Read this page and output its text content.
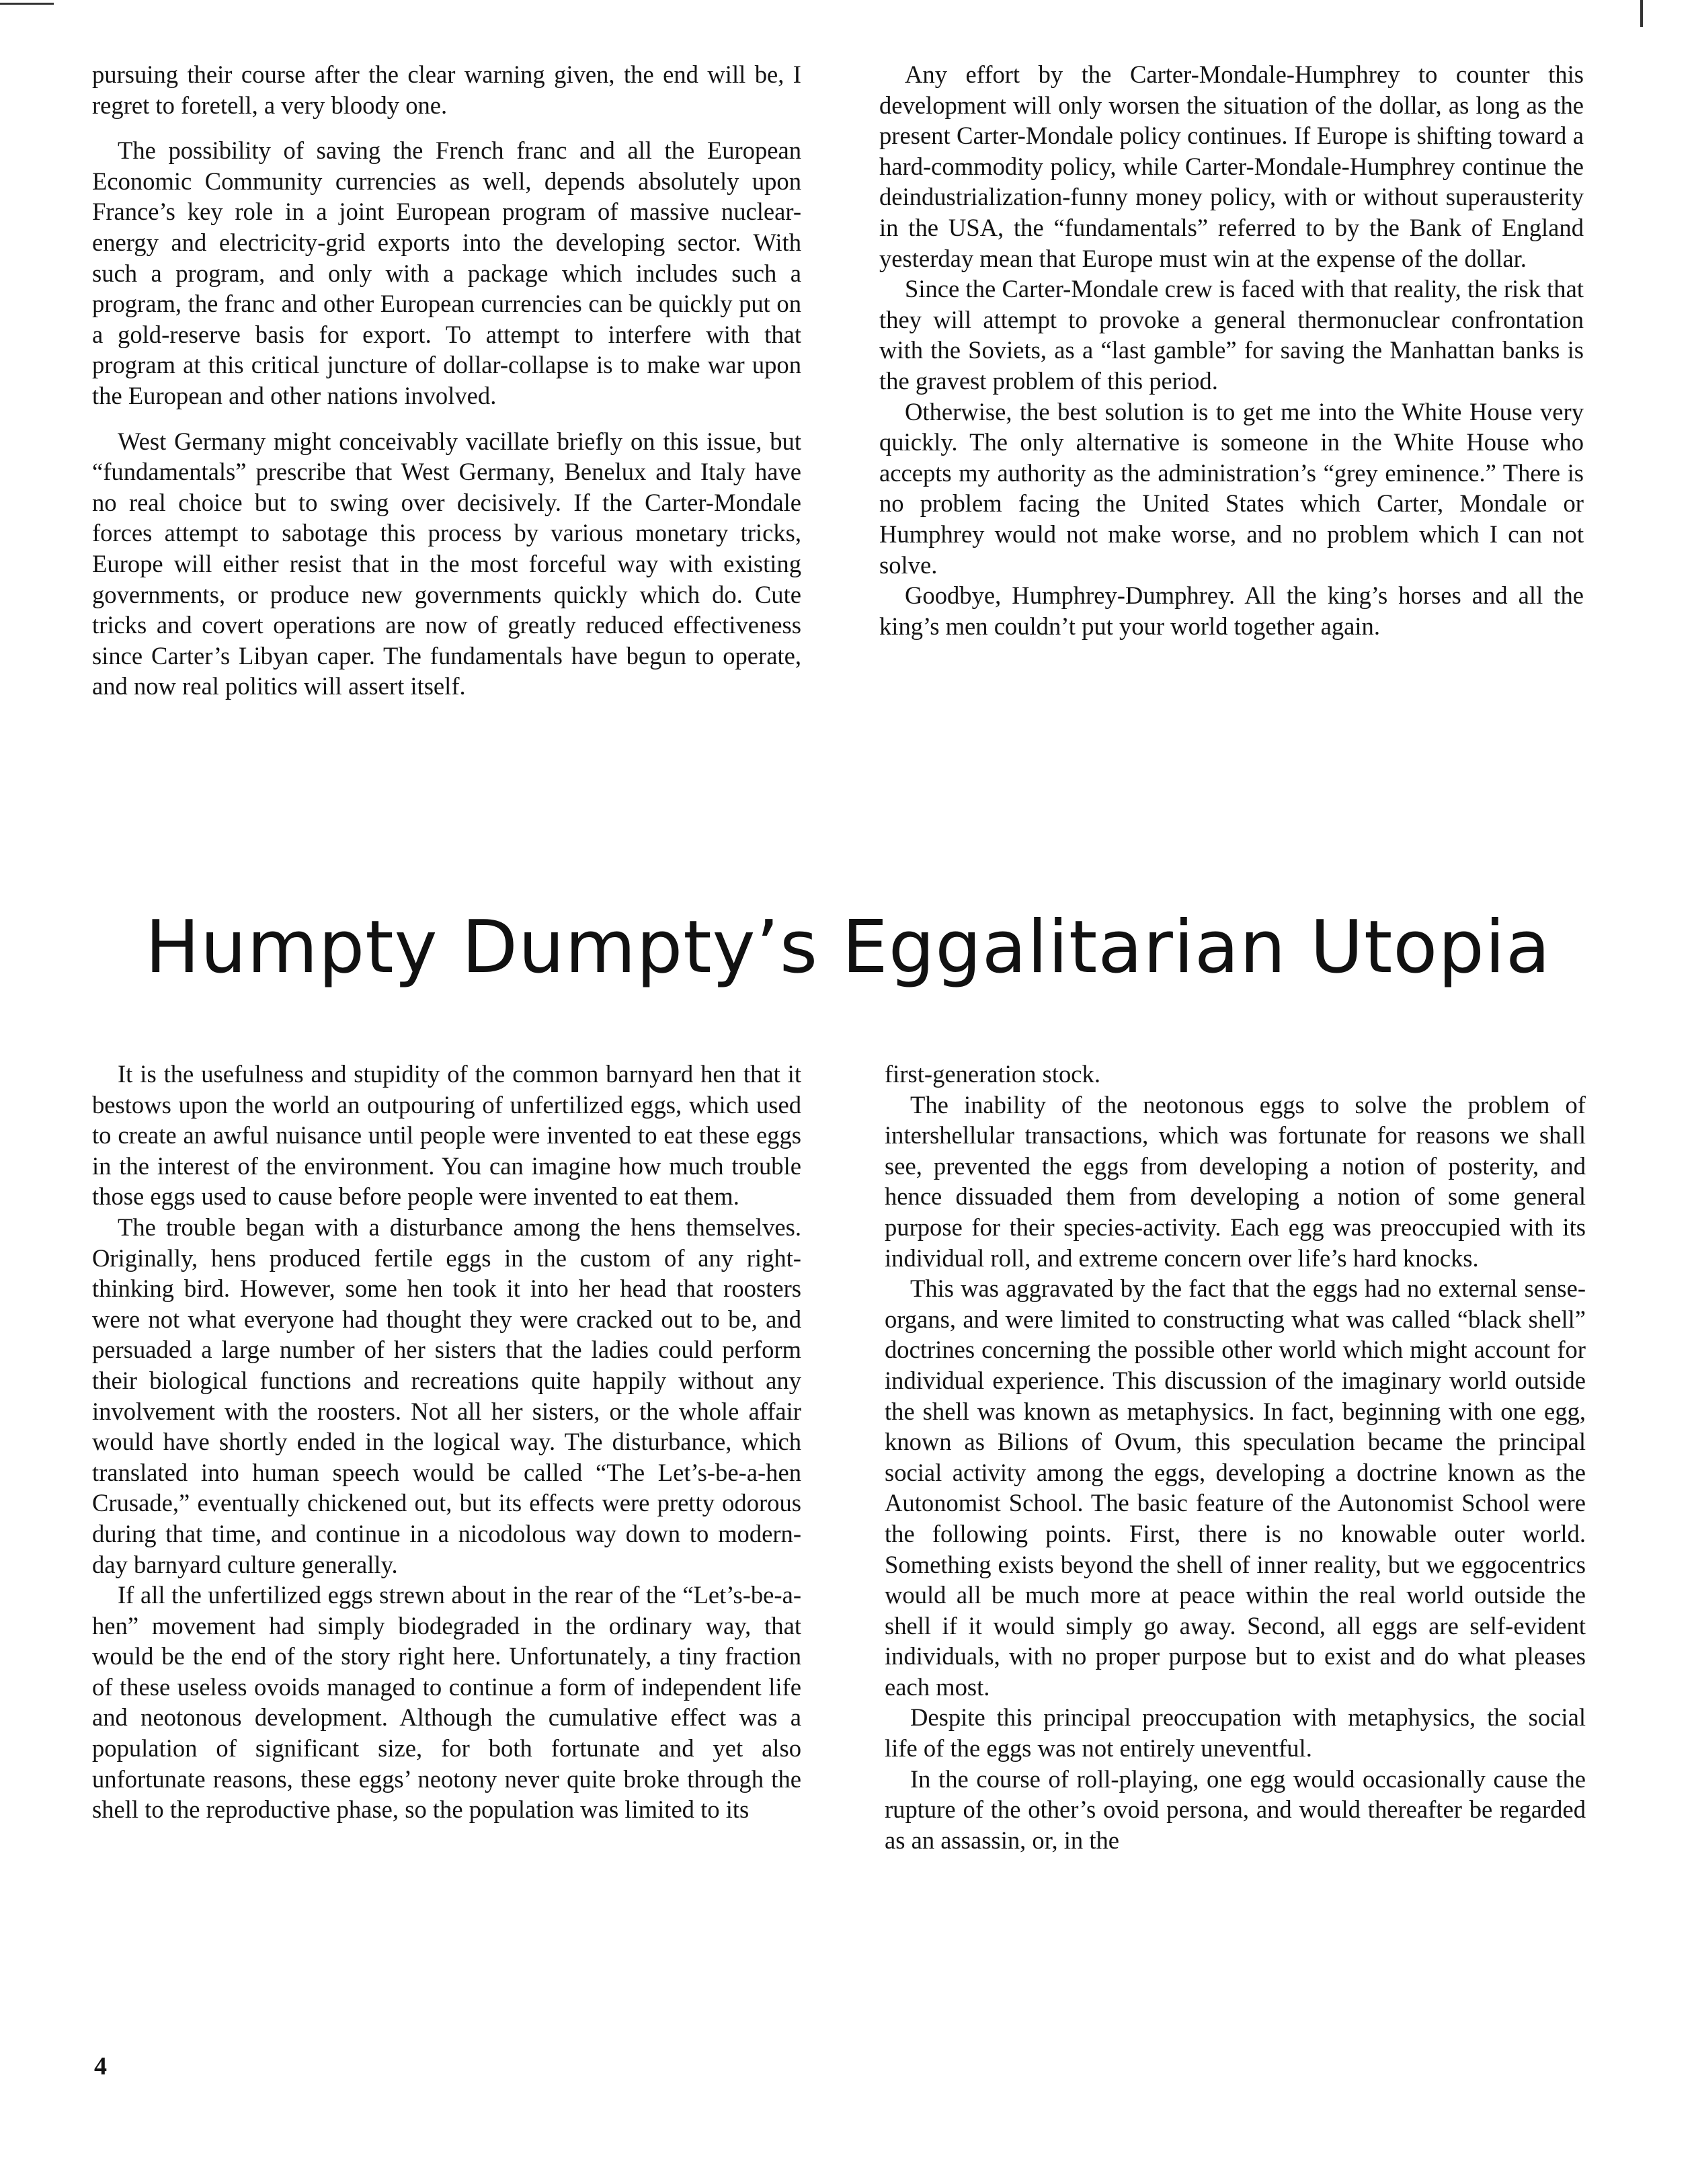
pursuing their course after the clear warning given, the end will be, I regret to foretell, a very bloody one.

The possibility of saving the French franc and all the European Economic Community currencies as well, depends absolutely upon France’s key role in a joint European program of massive nuclear-energy and electricity-grid exports into the developing sector. With such a program, and only with a package which includes such a program, the franc and other European currencies can be quickly put on a gold-reserve basis for export. To attempt to interfere with that program at this critical juncture of dollar-collapse is to make war upon the European and other nations involved.

West Germany might conceivably vacillate briefly on this issue, but “fundamentals” prescribe that West Germany, Benelux and Italy have no real choice but to swing over decisively. If the Carter-Mondale forces attempt to sabotage this process by various monetary tricks, Europe will either resist that in the most forceful way with existing governments, or produce new governments quickly which do. Cute tricks and covert operations are now of greatly reduced effectiveness since Carter’s Libyan caper. The fundamentals have begun to operate, and now real politics will assert itself.

Any effort by the Carter-Mondale-Humphrey to counter this development will only worsen the situation of the dollar, as long as the present Carter-Mondale policy continues. If Europe is shifting toward a hard-commodity policy, while Carter-Mondale-Humphrey continue the deindustrialization-funny money policy, with or without superausterity in the USA, the “fundamentals” referred to by the Bank of England yesterday mean that Europe must win at the expense of the dollar.

Since the Carter-Mondale crew is faced with that reality, the risk that they will attempt to provoke a general thermonuclear confrontation with the Soviets, as a “last gamble” for saving the Manhattan banks is the gravest problem of this period.

Otherwise, the best solution is to get me into the White House very quickly. The only alternative is someone in the White House who accepts my authority as the administration’s “grey eminence.” There is no problem facing the United States which Carter, Mondale or Humphrey would not make worse, and no problem which I can not solve.

Goodbye, Humphrey-Dumphrey. All the king’s horses and all the king’s men couldn’t put your world together again.

Humpty Dumpty’s Eggalitarian Utopia

It is the usefulness and stupidity of the common barnyard hen that it bestows upon the world an outpouring of unfertilized eggs, which used to create an awful nuisance until people were invented to eat these eggs in the interest of the environment. You can imagine how much trouble those eggs used to cause before people were invented to eat them.

The trouble began with a disturbance among the hens themselves. Originally, hens produced fertile eggs in the custom of any right-thinking bird. However, some hen took it into her head that roosters were not what everyone had thought they were cracked out to be, and persuaded a large number of her sisters that the ladies could perform their biological functions and recreations quite happily without any involvement with the roosters. Not all her sisters, or the whole affair would have shortly ended in the logical way. The disturbance, which translated into human speech would be called “The Let’s-be-a-hen Crusade,” eventually chickened out, but its effects were pretty odorous during that time, and continue in a nicodolous way down to modern-day barnyard culture generally.

If all the unfertilized eggs strewn about in the rear of the “Let’s-be-a-hen” movement had simply biodegraded in the ordinary way, that would be the end of the story right here. Unfortunately, a tiny fraction of these useless ovoids managed to continue a form of independent life and neotonous development. Although the cumulative effect was a population of significant size, for both fortunate and yet also unfortunate reasons, these eggs’ neotony never quite broke through the shell to the reproductive phase, so the population was limited to its

first-generation stock.

The inability of the neotonous eggs to solve the problem of intershellular transactions, which was fortunate for reasons we shall see, prevented the eggs from developing a notion of posterity, and hence dissuaded them from developing a notion of some general purpose for their species-activity. Each egg was preoccupied with its individual roll, and extreme concern over life’s hard knocks.

This was aggravated by the fact that the eggs had no external sense-organs, and were limited to constructing what was called “black shell” doctrines concerning the possible other world which might account for individual experience. This discussion of the imaginary world outside the shell was known as metaphysics. In fact, beginning with one egg, known as Bilions of Ovum, this speculation became the principal social activity among the eggs, developing a doctrine known as the Autonomist School. The basic feature of the Autonomist School were the following points. First, there is no knowable outer world. Something exists beyond the shell of inner reality, but we eggocentrics would all be much more at peace within the real world outside the shell if it would simply go away. Second, all eggs are self-evident individuals, with no proper purpose but to exist and do what pleases each most.

Despite this principal preoccupation with metaphysics, the social life of the eggs was not entirely uneventful.

In the course of roll-playing, one egg would occasionally cause the rupture of the other’s ovoid persona, and would thereafter be regarded as an assassin, or, in the

4
